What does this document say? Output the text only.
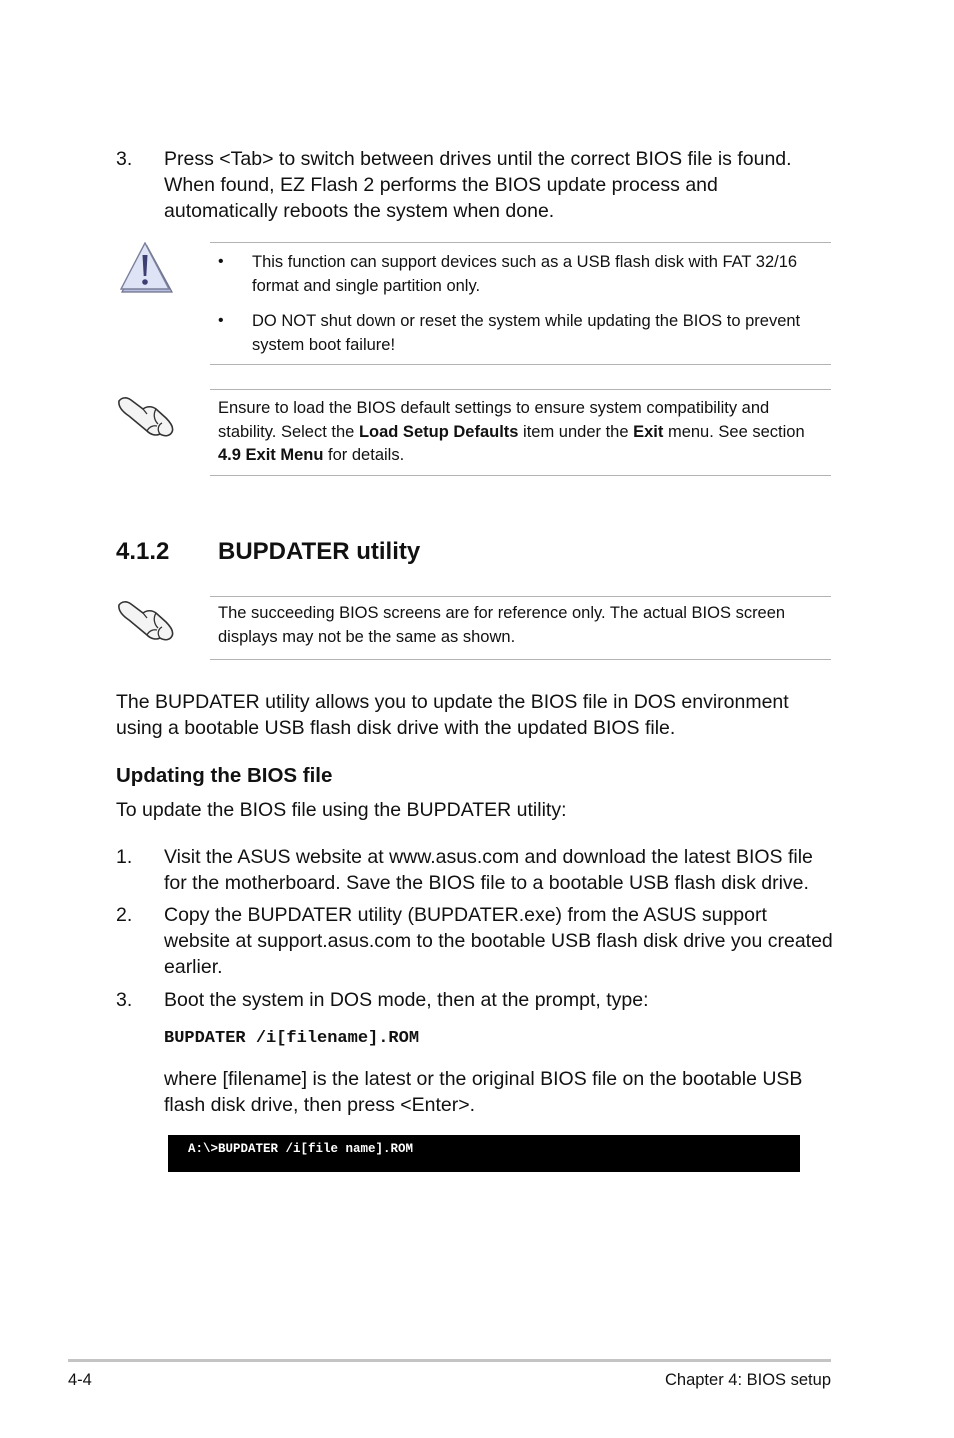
3. Press <Tab> to switch between drives until the correct BIOS file is found. When found, EZ Flash 2 performs the BIOS update process and automatically reboots the system when done.
• This function can support devices such as a USB flash disk with FAT 32/16 format and single partition only.
• DO NOT shut down or reset the system while updating the BIOS to prevent system boot failure!
Ensure to load the BIOS default settings to ensure system compatibility and stability. Select the Load Setup Defaults item under the Exit menu. See section 4.9 Exit Menu for details.
4.1.2 BUPDATER utility
The succeeding BIOS screens are for reference only. The actual BIOS screen displays may not be the same as shown.
The BUPDATER utility allows you to update the BIOS file in DOS environment using a bootable USB flash disk drive with the updated BIOS file.
Updating the BIOS file
To update the BIOS file using the BUPDATER utility:
1. Visit the ASUS website at www.asus.com and download the latest BIOS file for the motherboard. Save the BIOS file to a bootable USB flash disk drive.
2. Copy the BUPDATER utility (BUPDATER.exe) from the ASUS support website at support.asus.com to the bootable USB flash disk drive you created earlier.
3. Boot the system in DOS mode, then at the prompt, type:
BUPDATER /i[filename].ROM
where [filename] is the latest or the original BIOS file on the bootable USB flash disk drive, then press <Enter>.
A:\>BUPDATER /i[file name].ROM
4-4	Chapter 4: BIOS setup
